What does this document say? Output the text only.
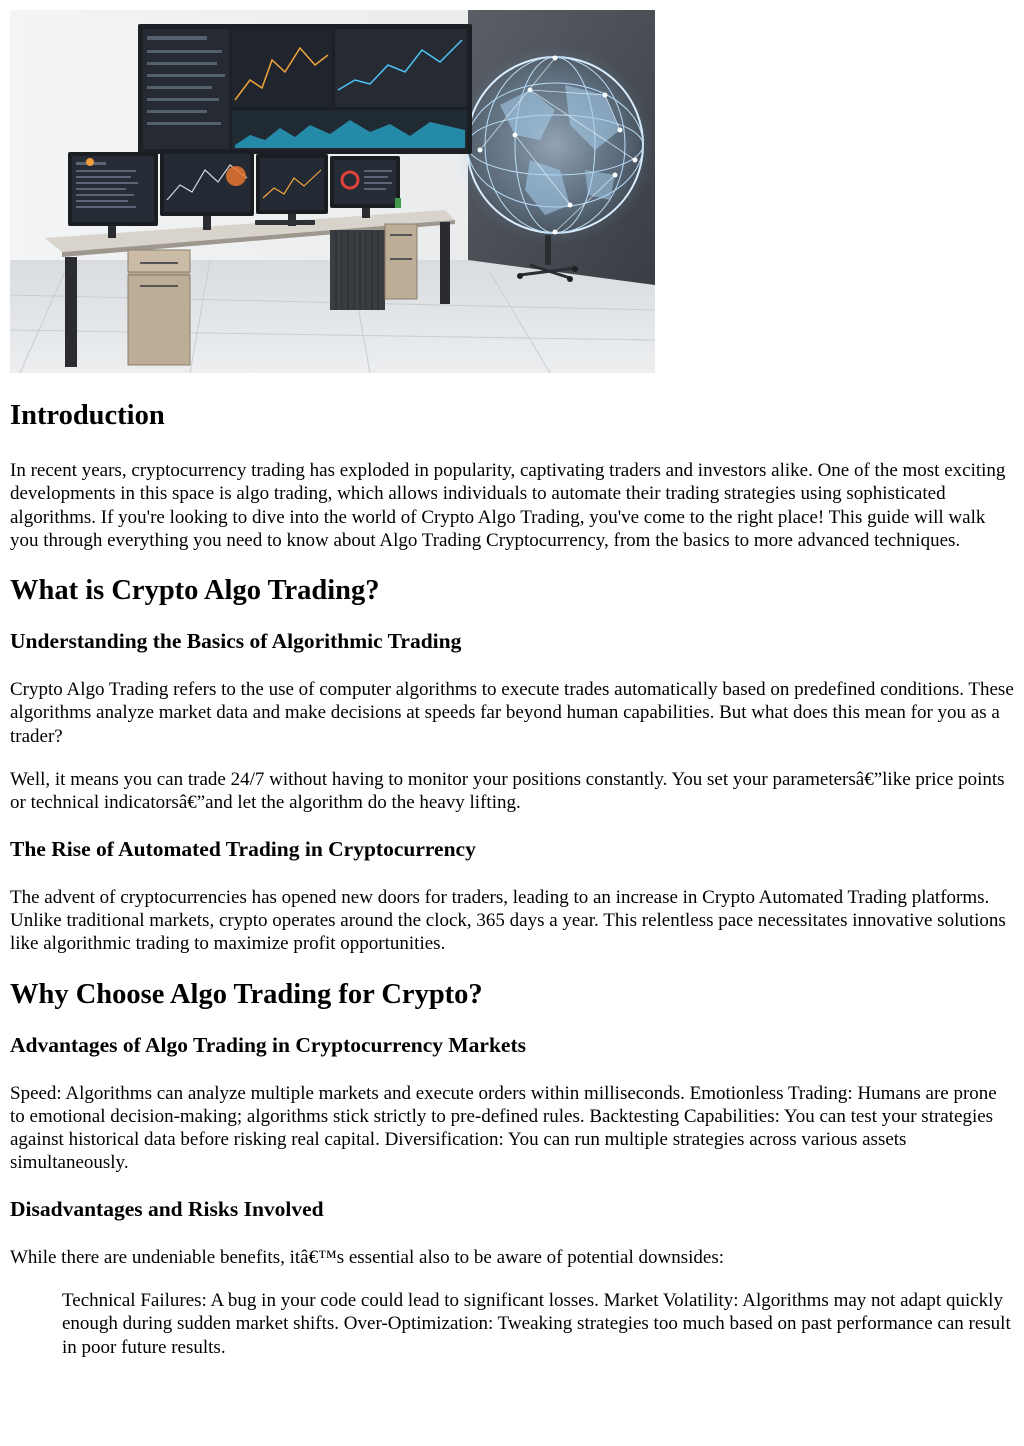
Introduction

In recent years, cryptocurrency trading has exploded in popularity, captivating traders and investors alike. One of the most exciting developments in this space is algo trading, which allows individuals to automate their trading strategies using sophisticated algorithms. If you're looking to dive into the world of Crypto Algo Trading, you've come to the right place! This guide will walk you through everything you need to know about Algo Trading Cryptocurrency, from the basics to more advanced techniques.

What is Crypto Algo Trading?
Understanding the Basics of Algorithmic Trading

Crypto Algo Trading refers to the use of computer algorithms to execute trades automatically based on predefined conditions. These algorithms analyze market data and make decisions at speeds far beyond human capabilities. But what does this mean for you as a trader?

Well, it means you can trade 24/7 without having to monitor your positions constantly. You set your parametersâ€”like price points or technical indicatorsâ€”and let the algorithm do the heavy lifting.

The Rise of Automated Trading in Cryptocurrency

The advent of cryptocurrencies has opened new doors for traders, leading to an increase in Crypto Automated Trading platforms. Unlike traditional markets, crypto operates around the clock, 365 days a year. This relentless pace necessitates innovative solutions like algorithmic trading to maximize profit opportunities.

Why Choose Algo Trading for Crypto?
Advantages of Algo Trading in Cryptocurrency Markets

Speed: Algorithms can analyze multiple markets and execute orders within milliseconds. Emotionless Trading: Humans are prone to emotional decision-making; algorithms stick strictly to pre-defined rules. Backtesting Capabilities: You can test your strategies against historical data before risking real capital. Diversification: You can run multiple strategies across various assets simultaneously.

Disadvantages and Risks Involved

While there are undeniable benefits, itâ€™s essential also to be aware of potential downsides:

Technical Failures: A bug in your code could lead to significant losses. Market Volatility: Algorithms may not adapt quickly enough during sudden market shifts. Over-Optimization: Tweaking strategies too much based on past performance can result in poor future results.
